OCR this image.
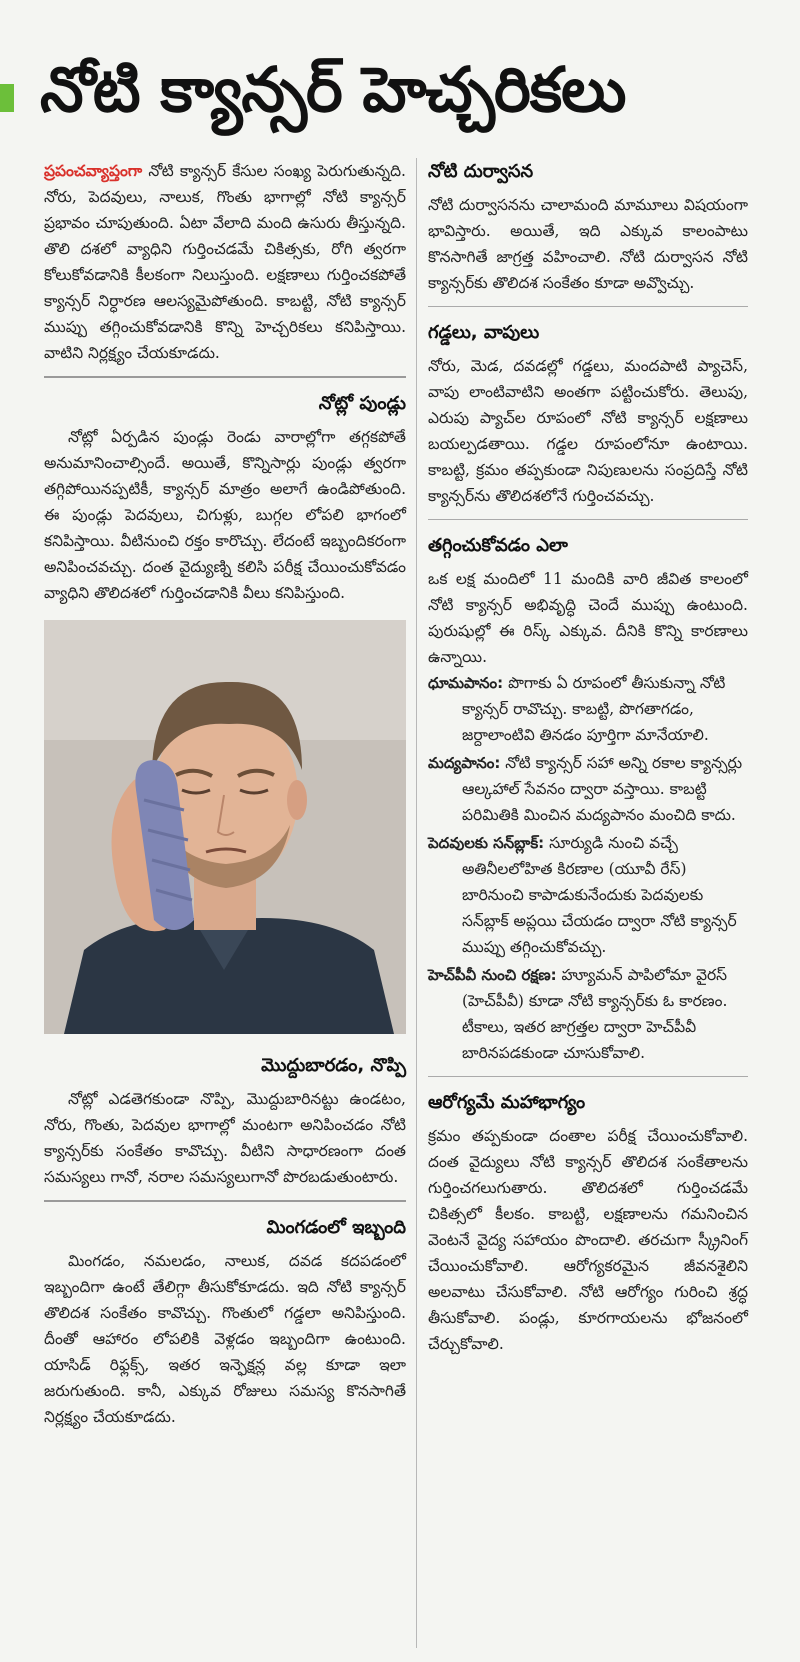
నోటి క్యాన్సర్ హెచ్చరికలు

ప్రపంచవ్యాప్తంగా నోటి క్యాన్సర్ కేసుల సంఖ్య పెరుగుతున్నది. నోరు, పెదవులు, నాలుక, గొంతు భాగాల్లో నోటి క్యాన్సర్ ప్రభావం చూపుతుంది. ఏటా వేలాది మంది ఉసురు తీస్తున్నది. తొలి దశలో వ్యాధిని గుర్తించడమే చికిత్సకు, రోగి త్వరగా కోలుకోవడానికి కీలకంగా నిలుస్తుంది. లక్షణాలు గుర్తించకపోతే క్యాన్సర్ నిర్ధారణ ఆలస్యమైపోతుంది. కాబట్టి, నోటి క్యాన్సర్ ముప్పు తగ్గించుకోవడానికి కొన్ని హెచ్చరికలు కనిపిస్తాయి. వాటిని నిర్లక్ష్యం చేయకూడదు.

నోట్లో పుండ్లు

నోట్లో ఏర్పడిన పుండ్లు రెండు వారాల్లోగా తగ్గకపోతే అనుమానించాల్సిందే. అయితే, కొన్నిసార్లు పుండ్లు త్వరగా తగ్గిపోయినప్పటికీ, క్యాన్సర్ మాత్రం అలాగే ఉండిపోతుంది. ఈ పుండ్లు పెదవులు, చిగుళ్లు, బుగ్గల లోపలి భాగంలో కనిపిస్తాయి. వీటినుంచి రక్తం కారొచ్చు. లేదంటే ఇబ్బందికరంగా అనిపించవచ్చు. దంత వైద్యుణ్ని కలిసి పరీక్ష చేయించుకోవడం వ్యాధిని తొలిదశలో గుర్తించడానికి వీలు కనిపిస్తుంది.

మొద్దుబారడం, నొప్పి

నోట్లో ఎడతెగకుండా నొప్పి, మొద్దుబారినట్టు ఉండటం, నోరు, గొంతు, పెదవుల భాగాల్లో మంటగా అనిపించడం నోటి క్యాన్సర్‌కు సంకేతం కావొచ్చు. వీటిని సాధారణంగా దంత సమస్యలు గానో, నరాల సమస్యలుగానో పొరబడుతుంటారు.

మింగడంలో ఇబ్బంది

మింగడం, నమలడం, నాలుక, దవడ కదపడంలో ఇబ్బందిగా ఉంటే తేలిగ్గా తీసుకోకూడదు. ఇది నోటి క్యాన్సర్ తొలిదశ సంకేతం కావొచ్చు. గొంతులో గడ్డలా అనిపిస్తుంది. దీంతో ఆహారం లోపలికి వెళ్లడం ఇబ్బందిగా ఉంటుంది. యాసిడ్ రిఫ్లక్స్, ఇతర ఇన్ఫెక్షన్ల వల్ల కూడా ఇలా జరుగుతుంది. కానీ, ఎక్కువ రోజులు సమస్య కొనసాగితే నిర్లక్ష్యం చేయకూడదు.

నోటి దుర్వాసన

నోటి దుర్వాసనను చాలామంది మామూలు విషయంగా భావిస్తారు. అయితే, ఇది ఎక్కువ కాలంపాటు కొనసాగితే జాగ్రత్త వహించాలి. నోటి దుర్వాసన నోటి క్యాన్సర్‌కు తొలిదశ సంకేతం కూడా అవ్వొచ్చు.

గడ్డలు, వాపులు

నోరు, మెడ, దవడల్లో గడ్డలు, మందపాటి ప్యాచెస్, వాపు లాంటివాటిని అంతగా పట్టించుకోరు. తెలుపు, ఎరుపు ప్యాచ్‌ల రూపంలో నోటి క్యాన్సర్ లక్షణాలు బయల్పడతాయి. గడ్డల రూపంలోనూ ఉంటాయి. కాబట్టి, క్రమం తప్పకుండా నిపుణులను సంప్రదిస్తే నోటి క్యాన్సర్‌ను తొలిదశలోనే గుర్తించవచ్చు.

తగ్గించుకోవడం ఎలా

ఒక లక్ష మందిలో 11 మందికి వారి జీవిత కాలంలో నోటి క్యాన్సర్ అభివృద్ధి చెందే ముప్పు ఉంటుంది. పురుషుల్లో ఈ రిస్క్ ఎక్కువ. దీనికి కొన్ని కారణాలు ఉన్నాయి.

ధూమపానం: పొగాకు ఏ రూపంలో తీసుకున్నా నోటి క్యాన్సర్ రావొచ్చు. కాబట్టి, పొగతాగడం, జర్దాలాంటివి తినడం పూర్తిగా మానేయాలి.

మద్యపానం: నోటి క్యాన్సర్ సహా అన్ని రకాల క్యాన్సర్లు ఆల్కహాల్ సేవనం ద్వారా వస్తాయి. కాబట్టి పరిమితికి మించిన మద్యపానం మంచిది కాదు.

పెదవులకు సన్‌బ్లాక్: సూర్యుడి నుంచి వచ్చే అతినీలలోహిత కిరణాల (యూవీ రేస్) బారినుంచి కాపాడుకునేందుకు పెదవులకు సన్‌బ్లాక్ అప్లయి చేయడం ద్వారా నోటి క్యాన్సర్ ముప్పు తగ్గించుకోవచ్చు.

హెచ్‌పీవీ నుంచి రక్షణ: హ్యూమన్ పాపిలోమా వైరస్ (హెచ్‌పీవీ) కూడా నోటి క్యాన్సర్‌కు ఓ కారణం. టీకాలు, ఇతర జాగ్రత్తల ద్వారా హెచ్‌పీవీ బారినపడకుండా చూసుకోవాలి.

ఆరోగ్యమే మహాభాగ్యం

క్రమం తప్పకుండా దంతాల పరీక్ష చేయించుకోవాలి. దంత వైద్యులు నోటి క్యాన్సర్ తొలిదశ సంకేతాలను గుర్తించగలుగుతారు. తొలిదశలో గుర్తించడమే చికిత్సలో కీలకం. కాబట్టి, లక్షణాలను గమనించిన వెంటనే వైద్య సహాయం పొందాలి. తరచుగా స్క్రీనింగ్ చేయించుకోవాలి. ఆరోగ్యకరమైన జీవనశైలిని అలవాటు చేసుకోవాలి. నోటి ఆరోగ్యం గురించి శ్రద్ధ తీసుకోవాలి. పండ్లు, కూరగాయలను భోజనంలో చేర్చుకోవాలి.
